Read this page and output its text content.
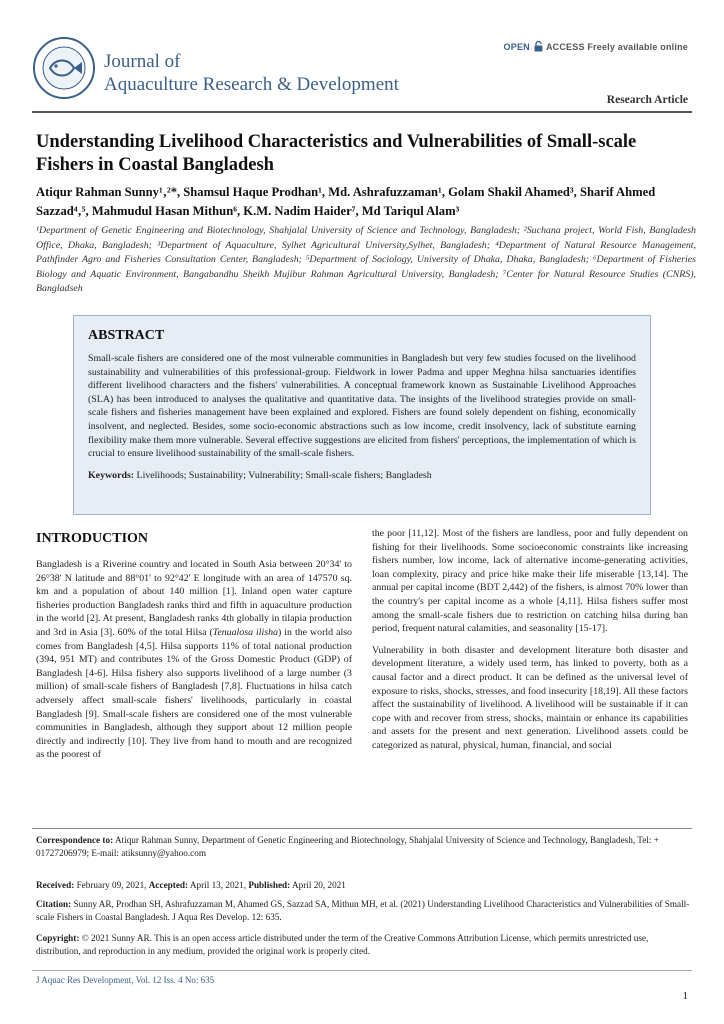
Journal of
Aquaculture Research & Development
OPEN ACCESS Freely available online
Research Article
Understanding Livelihood Characteristics and Vulnerabilities of Small-scale Fishers in Coastal Bangladesh
Atiqur Rahman Sunny¹‚²*, Shamsul Haque Prodhan¹, Md. Ashrafuzzaman¹, Golam Shakil Ahamed³, Sharif Ahmed Sazzad⁴‚⁵, Mahmudul Hasan Mithun⁶, K.M. Nadim Haider⁷, Md Tariqul Alam³
¹Department of Genetic Engineering and Biotechnology, Shahjalal University of Science and Technology, Bangladesh; ²Suchana project, World Fish, Bangladesh Office, Dhaka, Bangladesh; ³Department of Aquaculture, Sylhet Agricultural University,Sylhet, Bangladesh; ⁴Department of Natural Resource Management, Pathfinder Agro and Fisheries Consultation Center, Bangladesh; ⁵Department of Sociology, University of Dhaka, Dhaka, Bangladesh; ⁶Department of Fisheries Biology and Aquatic Environment, Bangabandhu Sheikh Mujibur Rahman Agricultural University, Bangladesh; ⁷Center for Natural Resource Studies (CNRS), Bangladseh
ABSTRACT
Small-scale fishers are considered one of the most vulnerable communities in Bangladesh but very few studies focused on the livelihood sustainability and vulnerabilities of this professional-group. Fieldwork in lower Padma and upper Meghna hilsa sanctuaries identifies different livelihood characters and the fishers' vulnerabilities. A conceptual framework known as Sustainable Livelihood Approaches (SLA) has been introduced to analyses the qualitative and quantitative data. The insights of the livelihood strategies provide on small-scale fishers and fisheries management have been explained and explored. Fishers are found solely dependent on fishing, economically insolvent, and neglected. Besides, some socio-economic abstractions such as low income, credit insolvency, lack of substitute earning flexibility make them more vulnerable. Several effective suggestions are elicited from fishers' perceptions, the implementation of which is crucial to ensure livelihood sustainability of the small-scale fishers.
Keywords: Livelihoods; Sustainability; Vulnerability; Small-scale fishers; Bangladesh
INTRODUCTION

Bangladesh is a Riverine country and located in South Asia between 20°34' to 26°38' N latitude and 88°01' to 92°42' E longitude with an area of 147570 sq. km and a population of about 140 million [1]. Inland open water capture fisheries production Bangladesh ranks third and fifth in aquaculture production in the world [2]. At present, Bangladesh ranks 4th globally in tilapia production and 3rd in Asia [3]. 60% of the total Hilsa (Tenualosa ilisha) in the world also comes from Bangladesh [4,5]. Hilsa supports 11% of total national production (394, 951 MT) and contributes 1% of the Gross Domestic Product (GDP) of Bangladesh [4-6]. Hilsa fishery also supports livelihood of a large number (3 million) of small-scale fishers of Bangladesh [7,8]. Fluctuations in hilsa catch adversely affect small-scale fishers' livelihoods, particularly in coastal Bangladesh [9]. Small-scale fishers are considered one of the most vulnerable communities in Bangladesh, although they support about 12 million people directly and indirectly [10]. They live from hand to mouth and are recognized as the poorest of

the poor [11,12]. Most of the fishers are landless, poor and fully dependent on fishing for their livelihoods. Some socioeconomic constraints like increasing fishers number, low income, lack of alternative income-generating activities, loan complexity, piracy and price hike make their life miserable [13,14]. The annual per capital income (BDT 2,442) of the fishers, is almost 70% lower than the country's per capital income as a whole [4,11]. Hilsa fishers suffer most among the small-scale fishers due to restriction on catching hilsa during ban period, frequent natural calamities, and seasonality [15-17].

Vulnerability in both disaster and development literature both disaster and development literature, a widely used term, has linked to poverty, both as a causal factor and a direct product. It can be defined as the universal level of exposure to risks, shocks, stresses, and food insecurity [18,19]. All these factors affect the sustainability of livelihood. A livelihood will be sustainable if it can cope with and recover from stress, shocks, maintain or enhance its capabilities and assets for the present and next generation. Livelihood assets could be categorized as natural, physical, human, financial, and social

Correspondence to: Atiqur Rahman Sunny, Department of Genetic Engineering and Biotechnology, Shahjalal University of Science and Technology, Bangladesh, Tel: + 01727206979; E-mail: atiksunny@yahoo.com
Received: February 09, 2021, Accepted: April 13, 2021, Published: April 20, 2021
Citation: Sunny AR, Prodhan SH, Ashrafuzzaman M, Ahamed GS, Sazzad SA, Mithun MH, et al. (2021) Understanding Livelihood Characteristics and Vulnerabilities of Small-scale Fishers in Coastal Bangladesh. J Aqua Res Develop. 12: 635.
Copyright: © 2021 Sunny AR. This is an open access article distributed under the term of the Creative Commons Attribution License, which permits unrestricted use, distribution, and reproduction in any medium, provided the original work is properly cited.
J Aquac Res Development, Vol. 12 Iss. 4 No: 635
1
